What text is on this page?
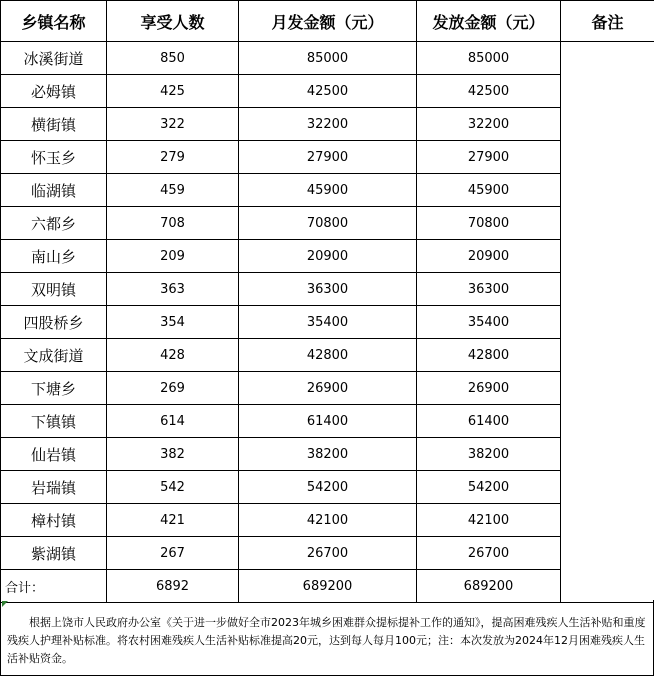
乡镇名称	享受人数	月发金额（元）	发放金额（元）	备注
冰溪街道	850	85000	85000	
必姆镇	425	42500	42500	
横街镇	322	32200	32200	
怀玉乡	279	27900	27900	
临湖镇	459	45900	45900	
六都乡	708	70800	70800	
南山乡	209	20900	20900	
双明镇	363	36300	36300	
四股桥乡	354	35400	35400	
文成街道	428	42800	42800	
下塘乡	269	26900	26900	
下镇镇	614	61400	61400	
仙岩镇	382	38200	38200	
岩瑞镇	542	54200	54200	
樟村镇	421	42100	42100	
紫湖镇	267	26700	26700	
合计：	6892	689200	689200	

根据上饶市人民政府办公室《关于进一步做好全市2023年城乡困难群众提标提补工作的通知》，提高困难残疾人生活补贴和重度残疾人护理补贴标准。将农村困难残疾人生活补贴标准提高20元，达到每人每月100元；注：本次发放为2024年12月困难残疾人生活补贴资金。
